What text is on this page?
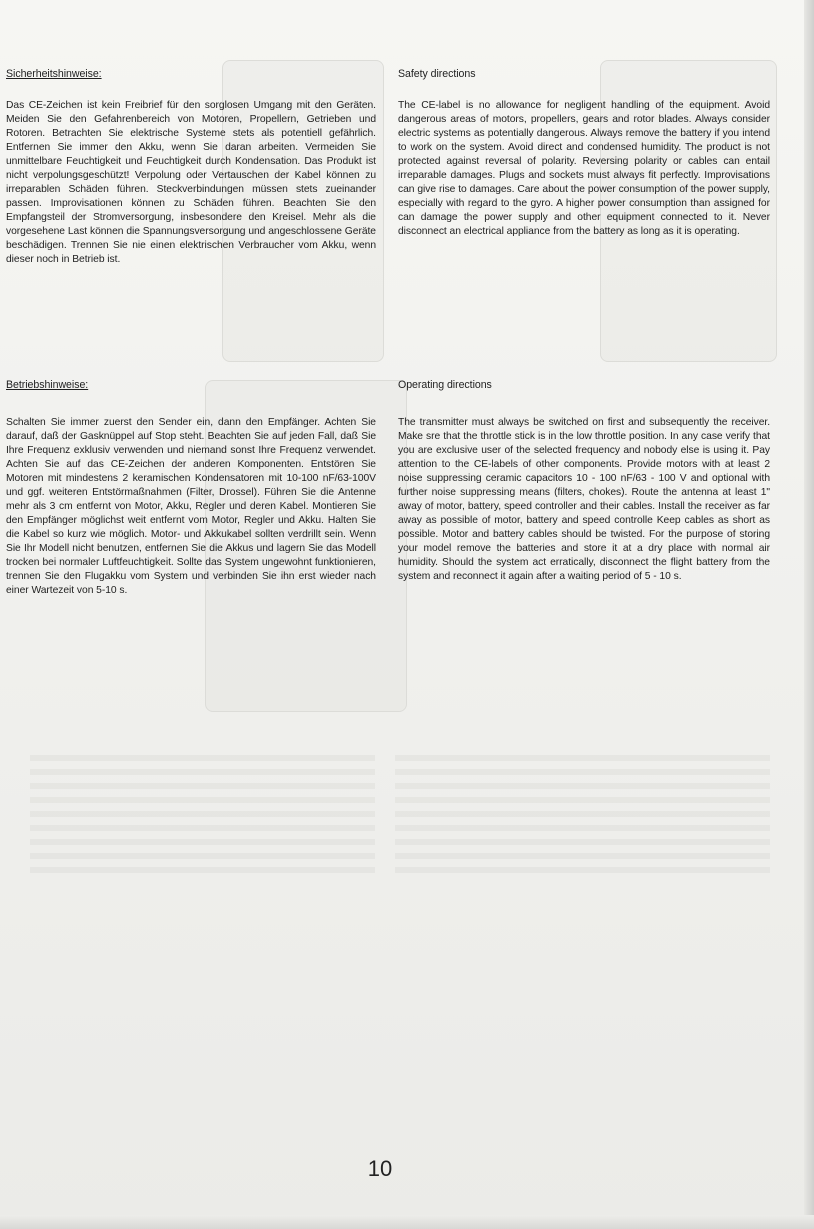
Sicherheitshinweise:

Das CE-Zeichen ist kein Freibrief für den sorglosen Umgang mit den Geräten. Meiden Sie den Gefahrenbereich von Motoren, Propellern, Getrieben und Rotoren. Betrachten Sie elektrische Systeme stets als potentiell gefährlich. Entfernen Sie immer den Akku, wenn Sie daran arbeiten. Vermeiden Sie unmittelbare Feuchtigkeit und Feuchtigkeit durch Kondensation. Das Produkt ist nicht verpolungsgeschützt! Verpolung oder Vertauschen der Kabel können zu irreparablen Schäden führen. Steckverbindungen müssen stets zueinander passen. Improvisationen können zu Schäden führen. Beachten Sie den Empfangsteil der Stromversorgung, insbesondere den Kreisel. Mehr als die vorgesehene Last können die Spannungsversorgung und angeschlossene Geräte beschädigen. Trennen Sie nie einen elektrischen Verbraucher vom Akku, wenn dieser noch in Betrieb ist.

Safety directions

The CE-label is no allowance for negligent handling of the equipment. Avoid dangerous areas of motors, propellers, gears and rotor blades. Always consider electric systems as potentially dangerous. Always remove the battery if you intend to work on the system. Avoid direct and condensed humidity. The product is not protected against reversal of polarity. Reversing polarity or cables can entail irreparable damages. Plugs and sockets must always fit perfectly. Improvisations can give rise to damages. Care about the power consumption of the power supply, especially with regard to the gyro. A higher power consumption than assigned for can damage the power supply and other equipment connected to it. Never disconnect an electrical appliance from the battery as long as it is operating.

Betriebshinweise:

Schalten Sie immer zuerst den Sender ein, dann den Empfänger. Achten Sie darauf, daß der Gasknüppel auf Stop steht. Beachten Sie auf jeden Fall, daß Sie Ihre Frequenz exklusiv verwenden und niemand sonst Ihre Frequenz verwendet. Achten Sie auf das CE-Zeichen der anderen Komponenten. Entstören Sie Motoren mit mindestens 2 keramischen Kondensatoren mit 10-100 nF/63-100V und ggf. weiteren Entstörmaßnahmen (Filter, Drossel). Führen Sie die Antenne mehr als 3 cm entfernt von Motor, Akku, Regler und deren Kabel. Montieren Sie den Empfänger möglichst weit entfernt vom Motor, Regler und Akku. Halten Sie die Kabel so kurz wie möglich. Motor- und Akkukabel sollten verdrillt sein. Wenn Sie Ihr Modell nicht benutzen, entfernen Sie die Akkus und lagern Sie das Modell trocken bei normaler Luftfeuchtigkeit. Sollte das System ungewohnt funktionieren, trennen Sie den Flugakku vom System und verbinden Sie ihn erst wieder nach einer Wartezeit von 5-10 s.

Operating directions

The transmitter must always be switched on first and subsequently the receiver. Make sre that the throttle stick is in the low throttle position. In any case verify that you are exclusive user of the selected frequency and nobody else is using it. Pay attention to the CE-labels of other components. Provide motors with at least 2 noise suppressing ceramic capacitors 10 - 100 nF/63 - 100 V and optional with further noise suppressing means (filters, chokes). Route the antenna at least 1" away of motor, battery, speed controller and their cables. Install the receiver as far away as possible of motor, battery and speed controlle Keep cables as short as possible. Motor and battery cables should be twisted. For the purpose of storing your model remove the batteries and store it at a dry place with normal air humidity. Should the system act erratically, disconnect the flight battery from the system and reconnect it again after a waiting period of 5 - 10 s.

10
